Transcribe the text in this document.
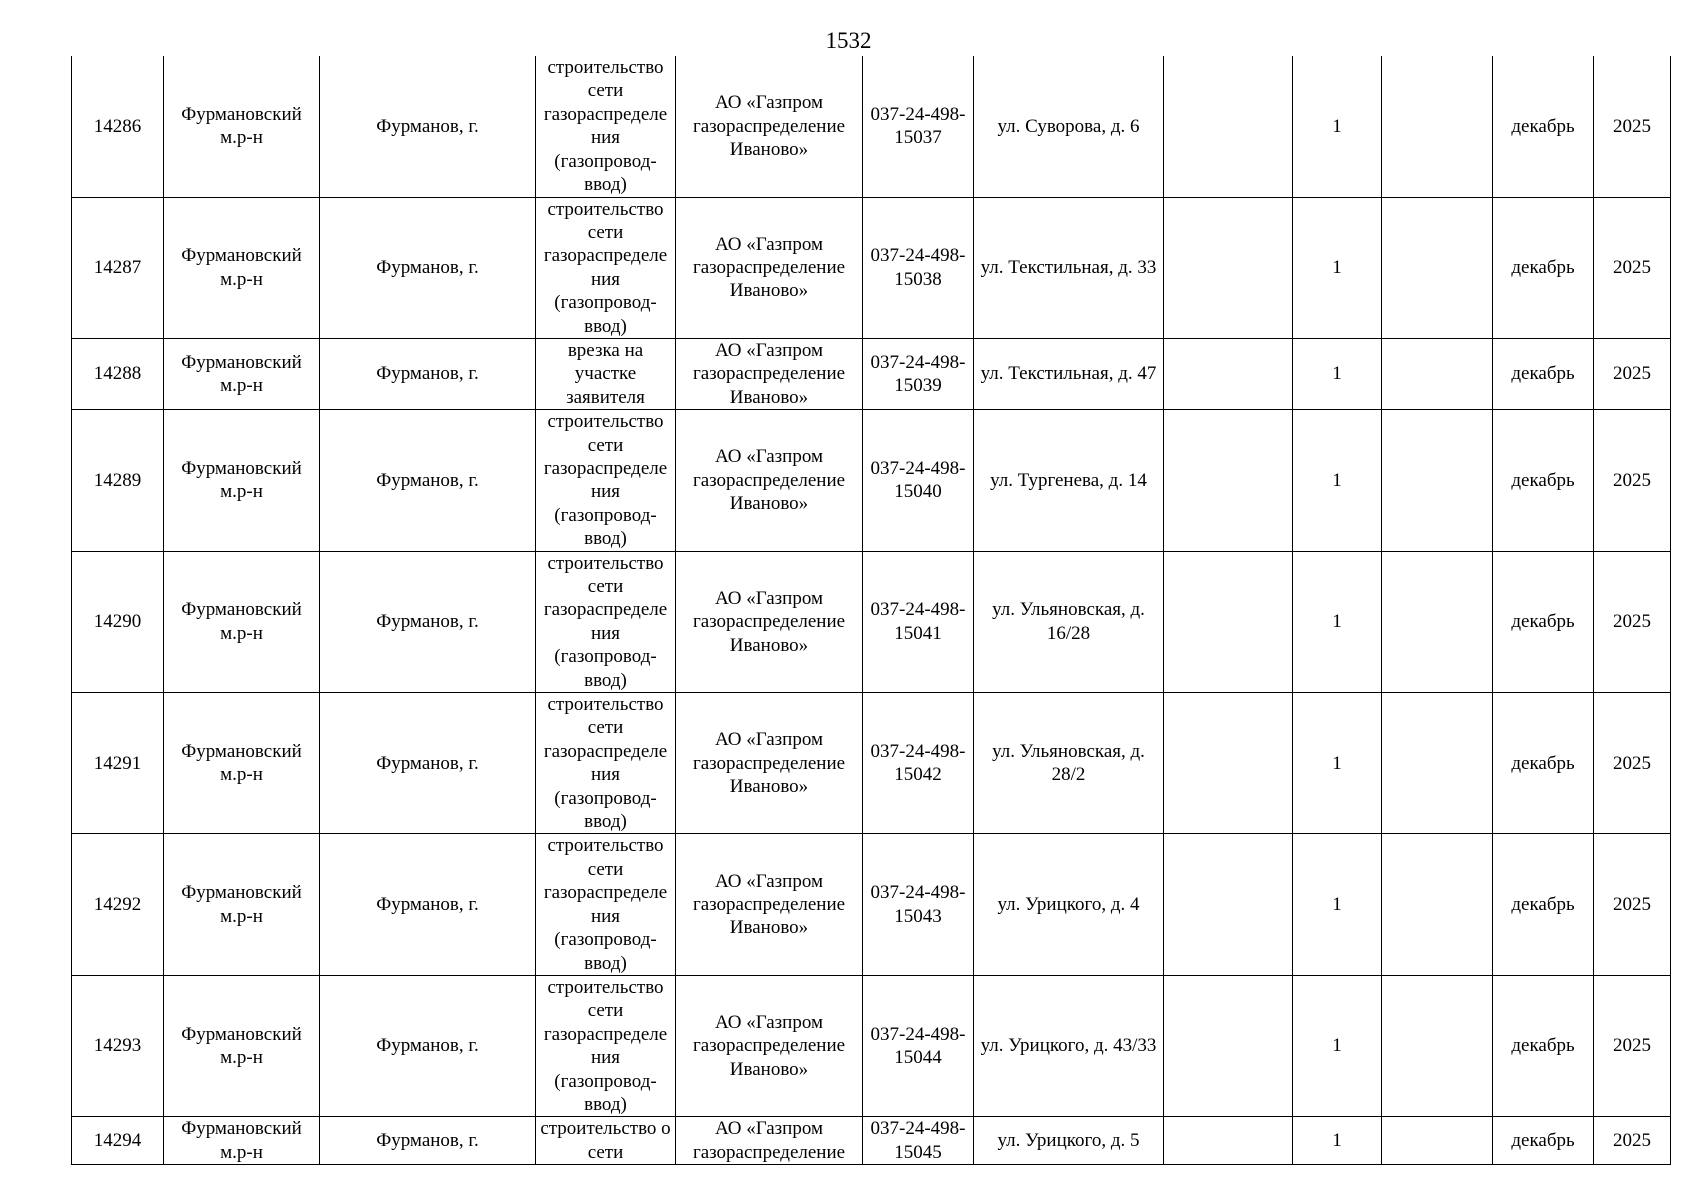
1532
14286	Фурмановский м.р-н	Фурманов, г.	строительство сети газораспределения (газопровод-ввод)	АО «Газпром газораспределение Иваново»	037-24-498-15037	ул. Суворова, д. 6		1		декабрь	2025
14287	Фурмановский м.р-н	Фурманов, г.	строительство сети газораспределения (газопровод-ввод)	АО «Газпром газораспределение Иваново»	037-24-498-15038	ул. Текстильная, д. 33		1		декабрь	2025
14288	Фурмановский м.р-н	Фурманов, г.	врезка на участке заявителя	АО «Газпром газораспределение Иваново»	037-24-498-15039	ул. Текстильная, д. 47		1		декабрь	2025
14289	Фурмановский м.р-н	Фурманов, г.	строительство сети газораспределения (газопровод-ввод)	АО «Газпром газораспределение Иваново»	037-24-498-15040	ул. Тургенева, д. 14		1		декабрь	2025
14290	Фурмановский м.р-н	Фурманов, г.	строительство сети газораспределения (газопровод-ввод)	АО «Газпром газораспределение Иваново»	037-24-498-15041	ул. Ульяновская, д. 16/28		1		декабрь	2025
14291	Фурмановский м.р-н	Фурманов, г.	строительство сети газораспределения (газопровод-ввод)	АО «Газпром газораспределение Иваново»	037-24-498-15042	ул. Ульяновская, д. 28/2		1		декабрь	2025
14292	Фурмановский м.р-н	Фурманов, г.	строительство сети газораспределения (газопровод-ввод)	АО «Газпром газораспределение Иваново»	037-24-498-15043	ул. Урицкого, д. 4		1		декабрь	2025
14293	Фурмановский м.р-н	Фурманов, г.	строительство сети газораспределения (газопровод-ввод)	АО «Газпром газораспределение Иваново»	037-24-498-15044	ул. Урицкого, д. 43/33		1		декабрь	2025
14294	Фурмановский м.р-н	Фурманов, г.	строительство о сети	АО «Газпром газораспределение	037-24-498-15045	ул. Урицкого, д. 5		1		декабрь	2025
